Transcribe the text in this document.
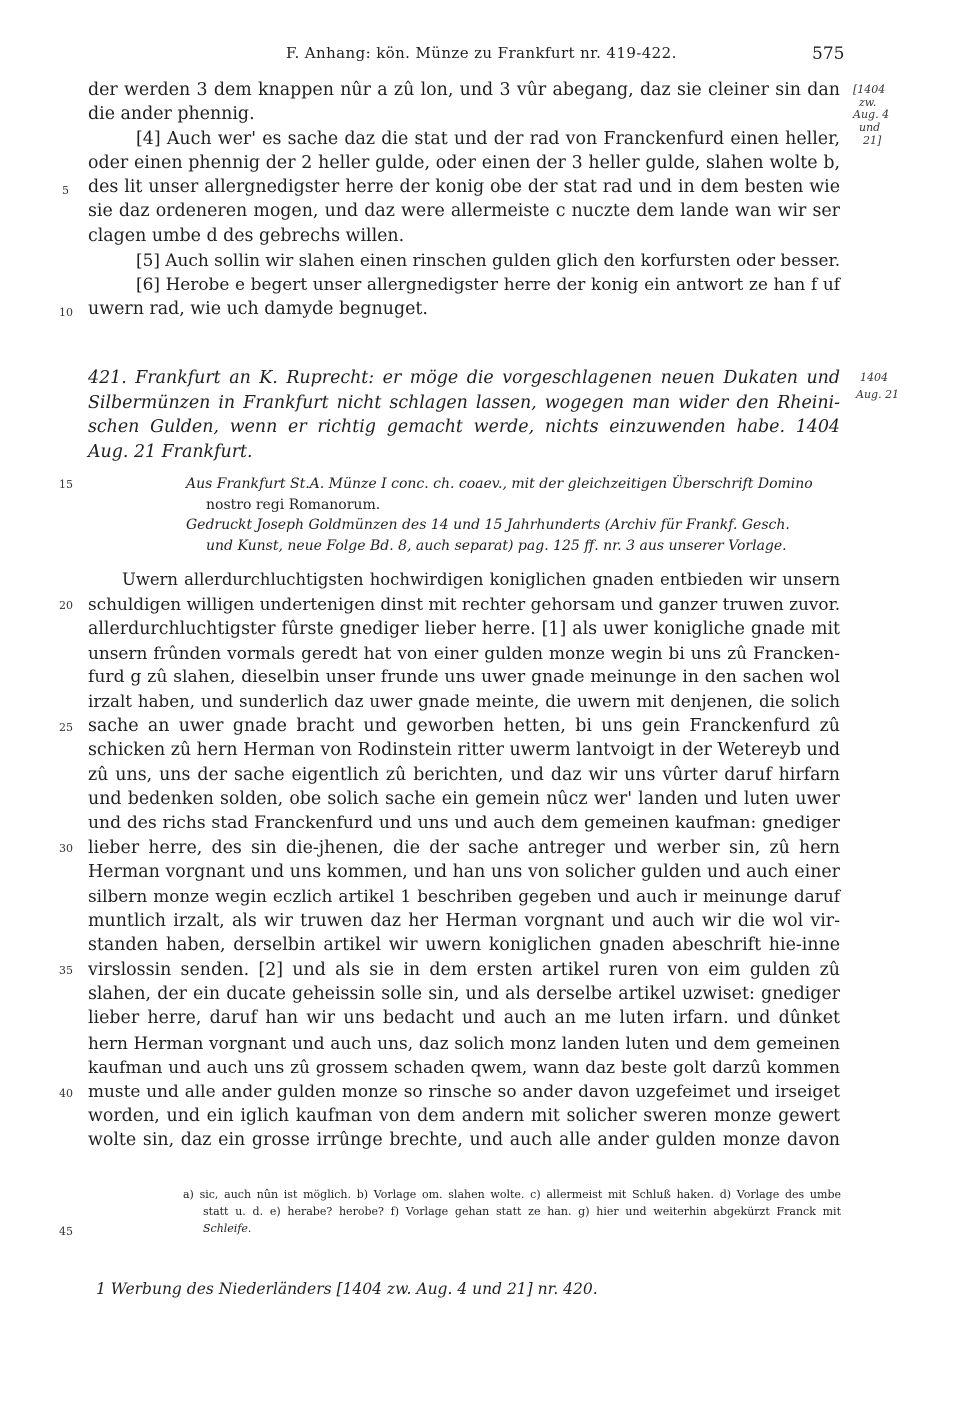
F. Anhang: kön. Münze zu Frankfurt nr. 419-422.	575
[1404
zw.
Aug. 4
und
21]
1404
Aug. 21
5
10
15
20
25
30
35
40
45
der werden 3 dem knappen nûr a zû lon, und 3 vûr abegang, daz sie cleiner sin dan
die ander phennig.
[4] Auch wer' es sache daz die stat und der rad von Franckenfurd einen heller,
oder einen phennig der 2 heller gulde, oder einen der 3 heller gulde, slahen wolte b,
des lit unser allergnedigster herre der konig obe der stat rad und in dem besten wie
sie daz ordeneren mogen, und daz were allermeiste c nuczte dem lande wan wir ser
clagen umbe d des gebrechs willen.
[5] Auch sollin wir slahen einen rinschen gulden glich den korfursten oder besser.
[6] Herobe e begert unser allergnedigster herre der konig ein antwort ze han f uf
uwern rad, wie uch damyde begnuget.
421. Frankfurt an K. Ruprecht: er möge die vorgeschlagenen neuen Dukaten und
Silbermünzen in Frankfurt nicht schlagen lassen, wogegen man wider den Rheini-
schen Gulden, wenn er richtig gemacht werde, nichts einzuwenden habe. 1404
Aug. 21 Frankfurt.
Aus Frankfurt St.A. Münze I conc. ch. coaev., mit der gleichzeitigen Überschrift Domino
nostro regi Romanorum.
Gedruckt Joseph Goldmünzen des 14 und 15 Jahrhunderts (Archiv für Frankf. Gesch.
und Kunst, neue Folge Bd. 8, auch separat) pag. 125 ff. nr. 3 aus unserer Vorlage.
Uwern allerdurchluchtigsten hochwirdigen koniglichen gnaden entbieden wir unsern
schuldigen willigen undertenigen dinst mit rechter gehorsam und ganzer truwen zuvor.
allerdurchluchtigster fûrste gnediger lieber herre. [1] als uwer konigliche gnade mit
unsern frûnden vormals geredt hat von einer gulden monze wegin bi uns zû Francken-
furd g zû slahen, dieselbin unser frunde uns uwer gnade meinunge in den sachen wol
irzalt haben, und sunderlich daz uwer gnade meinte, die uwern mit denjenen, die solich
sache an uwer gnade bracht und geworben hetten, bi uns gein Franckenfurd zû
schicken zû hern Herman von Rodinstein ritter uwerm lantvoigt in der Wetereyb und
zû uns, uns der sache eigentlich zû berichten, und daz wir uns vûrter daruf hirfarn
und bedenken solden, obe solich sache ein gemein nûcz wer' landen und luten uwer
und des richs stad Franckenfurd und uns und auch dem gemeinen kaufman: gnediger
lieber herre, des sin die-jhenen, die der sache antreger und werber sin, zû hern
Herman vorgnant und uns kommen, und han uns von solicher gulden und auch einer
silbern monze wegin eczlich artikel 1 beschriben gegeben und auch ir meinunge daruf
muntlich irzalt, als wir truwen daz her Herman vorgnant und auch wir die wol vir-
standen haben, derselbin artikel wir uwern koniglichen gnaden abeschrift hie-inne
virslossin senden. [2] und als sie in dem ersten artikel ruren von eim gulden zû
slahen, der ein ducate geheissin solle sin, und als derselbe artikel uzwiset: gnediger
lieber herre, daruf han wir uns bedacht und auch an me luten irfarn. und dûnket
hern Herman vorgnant und auch uns, daz solich monz landen luten und dem gemeinen
kaufman und auch uns zû grossem schaden qwem, wann daz beste golt darzû kommen
muste und alle ander gulden monze so rinsche so ander davon uzgefeimet und irseiget
worden, und ein iglich kaufman von dem andern mit solicher sweren monze gewert
wolte sin, daz ein grosse irrûnge brechte, und auch alle ander gulden monze davon
a) sic, auch nûn ist möglich. b) Vorlage om. slahen wolte. c) allermeist mit Schluß haken. d) Vorlage des umbe
statt u. d. e) herabe? herobe? f) Vorlage gehan statt ze han. g) hier und weiterhin abgekürzt Franck mit
Schleife.
1 Werbung des Niederländers [1404 zw. Aug. 4 und 21] nr. 420.
